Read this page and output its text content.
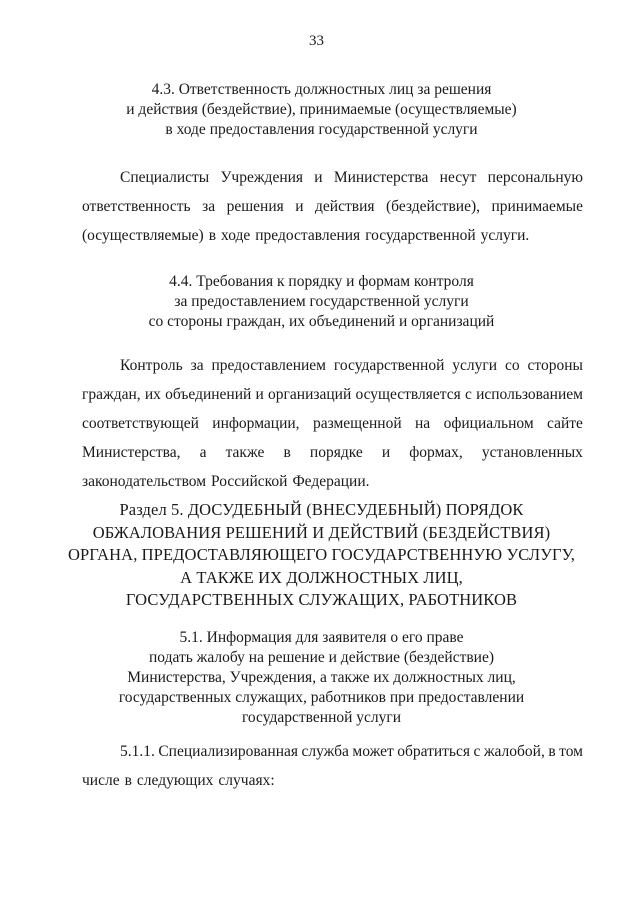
33
4.3. Ответственность должностных лиц за решения
и действия (бездействие), принимаемые (осуществляемые)
в ходе предоставления государственной услуги
Специалисты Учреждения и Министерства несут персональную
ответственность за решения и действия (бездействие), принимаемые
(осуществляемые) в ходе предоставления государственной услуги.
4.4. Требования к порядку и формам контроля
за предоставлением государственной услуги
со стороны граждан, их объединений и организаций
Контроль за предоставлением государственной услуги со стороны
граждан, их объединений и организаций осуществляется с использованием
соответствующей информации, размещенной на официальном сайте
Министерства, а также в порядке и формах, установленных
законодательством Российской Федерации.
Раздел 5. ДОСУДЕБНЫЙ (ВНЕСУДЕБНЫЙ) ПОРЯДОК
ОБЖАЛОВАНИЯ РЕШЕНИЙ И ДЕЙСТВИЙ (БЕЗДЕЙСТВИЯ)
ОРГАНА, ПРЕДОСТАВЛЯЮЩЕГО ГОСУДАРСТВЕННУЮ УСЛУГУ,
А ТАКЖЕ ИХ ДОЛЖНОСТНЫХ ЛИЦ,
ГОСУДАРСТВЕННЫХ СЛУЖАЩИХ, РАБОТНИКОВ
5.1. Информация для заявителя о его праве
подать жалобу на решение и действие (бездействие)
Министерства, Учреждения, а также их должностных лиц,
государственных служащих, работников при предоставлении
государственной услуги
5.1.1. Специализированная служба может обратиться с жалобой, в том
числе в следующих случаях:
